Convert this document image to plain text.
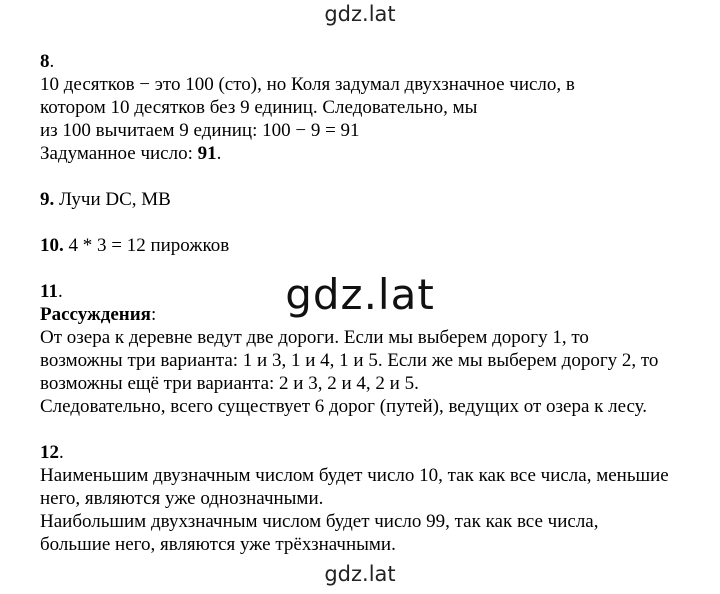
gdz.lat
gdz.lat
gdz.lat
8.
10 десятков − это 100 (сто), но Коля задумал двухзначное число, в
котором 10 десятков без 9 единиц. Следовательно, мы
из 100 вычитаем 9 единиц: 100 − 9 = 91
Задуманное число: 91.
9. Лучи DC, MB
10. 4 * 3 = 12 пирожков
11.
Рассуждения:
От озера к деревне ведут две дороги. Если мы выберем дорогу 1, то
возможны три варианта: 1 и 3, 1 и 4, 1 и 5. Если же мы выберем дорогу 2, то
возможны ещё три варианта: 2 и 3, 2 и 4, 2 и 5.
Следовательно, всего существует 6 дорог (путей), ведущих от озера к лесу.
12.
Наименьшим двузначным числом будет число 10, так как все числа, меньшие
него, являются уже однозначными.
Наибольшим двухзначным числом будет число 99, так как все числа,
большие него, являются уже трёхзначными.
